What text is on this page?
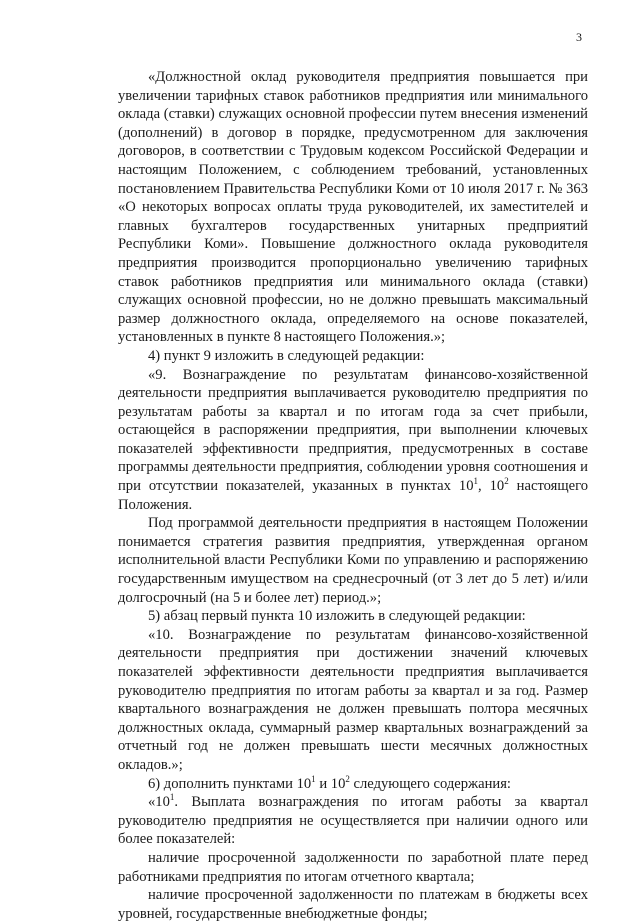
3

«Должностной оклад руководителя предприятия повышается при увеличении тарифных ставок работников предприятия или минимального оклада (ставки) служащих основной профессии путем внесения изменений (дополнений) в договор в порядке, предусмотренном для заключения договоров, в соответствии с Трудовым кодексом Российской Федерации и настоящим Положением, с соблюдением требований, установленных постановлением Правительства Республики Коми от 10 июля 2017 г. № 363 «О некоторых вопросах оплаты труда руководителей, их заместителей и главных бухгалтеров государственных унитарных предприятий Республики Коми». Повышение должностного оклада руководителя предприятия производится пропорционально увеличению тарифных ставок работников предприятия или минимального оклада (ставки) служащих основной профессии, но не должно превышать максимальный размер должностного оклада, определяемого на основе показателей, установленных в пункте 8 настоящего Положения.»;

4) пункт 9 изложить в следующей редакции:

«9. Вознаграждение по результатам финансово-хозяйственной деятельности предприятия выплачивается руководителю предприятия по результатам работы за квартал и по итогам года за счет прибыли, остающейся в распоряжении предприятия, при выполнении ключевых показателей эффективности предприятия, предусмотренных в составе программы деятельности предприятия, соблюдении уровня соотношения и при отсутствии показателей, указанных в пунктах $10^1$, $10^2$ настоящего Положения.

Под программой деятельности предприятия в настоящем Положении понимается стратегия развития предприятия, утвержденная органом исполнительной власти Республики Коми по управлению и распоряжению государственным имуществом на среднесрочный (от 3 лет до 5 лет) и/или долгосрочный (на 5 и более лет) период.»;

5) абзац первый пункта 10 изложить в следующей редакции:

«10. Вознаграждение по результатам финансово-хозяйственной деятельности предприятия при достижении значений ключевых показателей эффективности деятельности предприятия выплачивается руководителю предприятия по итогам работы за квартал и за год. Размер квартального вознаграждения не должен превышать полтора месячных должностных оклада, суммарный размер квартальных вознаграждений за отчетный год не должен превышать шести месячных должностных окладов.»;

6) дополнить пунктами $10^1$ и $10^2$ следующего содержания:

«$10^1$. Выплата вознаграждения по итогам работы за квартал руководителю предприятия не осуществляется при наличии одного или более показателей:

наличие просроченной задолженности по заработной плате перед работниками предприятия по итогам отчетного квартала;

наличие просроченной задолженности по платежам в бюджеты всех уровней, государственные внебюджетные фонды;
